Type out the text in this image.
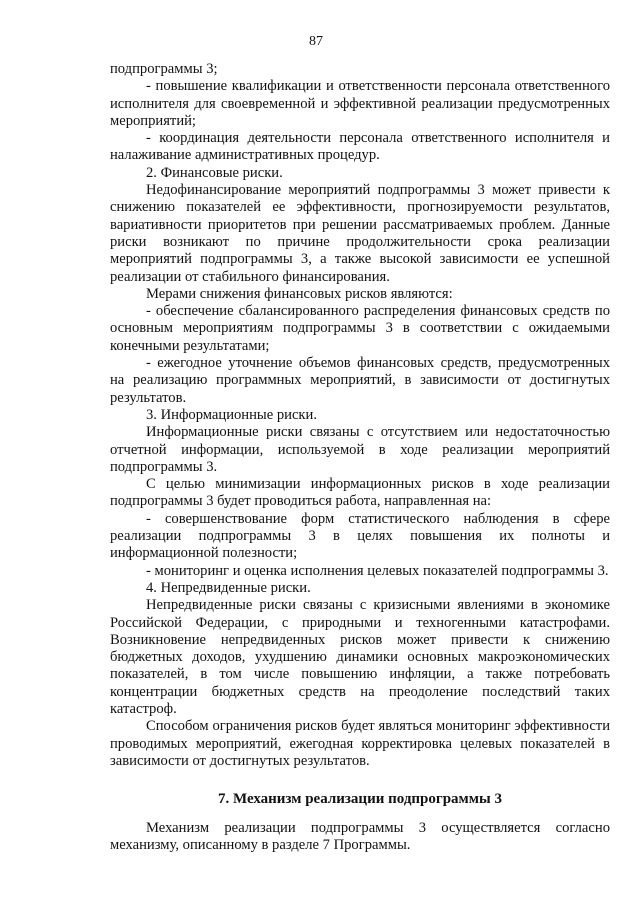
87

подпрограммы 3;

- повышение квалификации и ответственности персонала ответственного исполнителя для своевременной и эффективной реализации предусмотренных мероприятий;

- координация деятельности персонала ответственного исполнителя и налаживание административных процедур.

2. Финансовые риски.

Недофинансирование мероприятий подпрограммы 3 может привести к снижению показателей ее эффективности, прогнозируемости результатов, вариативности приоритетов при решении рассматриваемых проблем. Данные риски возникают по причине продолжительности срока реализации мероприятий подпрограммы 3, а также высокой зависимости ее успешной реализации от стабильного финансирования.

Мерами снижения финансовых рисков являются:

- обеспечение сбалансированного распределения финансовых средств по основным мероприятиям подпрограммы 3 в соответствии с ожидаемыми конечными результатами;

- ежегодное уточнение объемов финансовых средств, предусмотренных на реализацию программных мероприятий, в зависимости от достигнутых результатов.

3. Информационные риски.

Информационные риски связаны с отсутствием или недостаточностью отчетной информации, используемой в ходе реализации мероприятий подпрограммы 3.

С целью минимизации информационных рисков в ходе реализации подпрограммы 3 будет проводиться работа, направленная на:

- совершенствование форм статистического наблюдения в сфере реализации подпрограммы 3 в целях повышения их полноты и информационной полезности;

- мониторинг и оценка исполнения целевых показателей подпрограммы 3.

4. Непредвиденные риски.

Непредвиденные риски связаны с кризисными явлениями в экономике Российской Федерации, с природными и техногенными катастрофами. Возникновение непредвиденных рисков может привести к снижению бюджетных доходов, ухудшению динамики основных макроэкономических показателей, в том числе повышению инфляции, а также потребовать концентрации бюджетных средств на преодоление последствий таких катастроф.

Способом ограничения рисков будет являться мониторинг эффективности проводимых мероприятий, ежегодная корректировка целевых показателей в зависимости от достигнутых результатов.

7. Механизм реализации подпрограммы 3

Механизм реализации подпрограммы 3 осуществляется согласно механизму, описанному в разделе 7 Программы.
